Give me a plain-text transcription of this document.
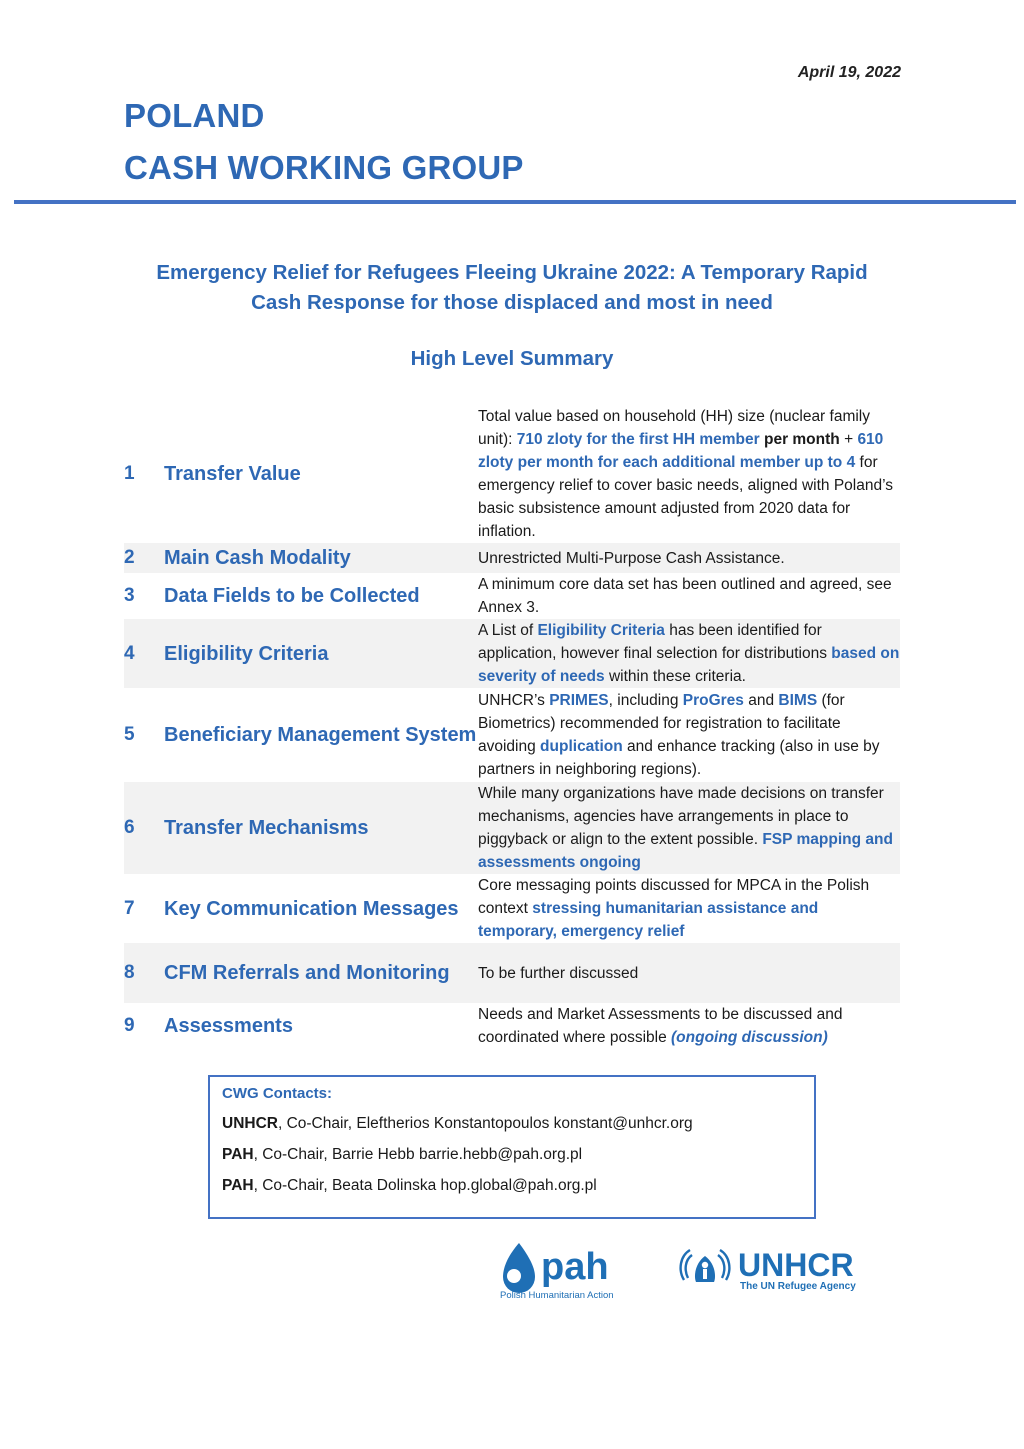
April 19, 2022
POLAND
CASH WORKING GROUP
Emergency Relief for Refugees Fleeing Ukraine 2022: A Temporary Rapid
Cash Response for those displaced and most in need
High Level Summary
1	Transfer Value	Total value based on household (HH) size (nuclear family unit): 710 zloty for the first HH member per month + 610 zloty per month for each additional member up to 4 for emergency relief to cover basic needs, aligned with Poland’s basic subsistence amount adjusted from 2020 data for inflation.
2	Main Cash Modality	Unrestricted Multi-Purpose Cash Assistance.
3	Data Fields to be Collected	A minimum core data set has been outlined and agreed, see Annex 3.
4	Eligibility Criteria	A List of Eligibility Criteria has been identified for application, however final selection for distributions based on severity of needs within these criteria.
5	Beneficiary Management System	UNHCR’s PRIMES, including ProGres and BIMS (for Biometrics) recommended for registration to facilitate avoiding duplication and enhance tracking (also in use by partners in neighboring regions).
6	Transfer Mechanisms	While many organizations have made decisions on transfer mechanisms, agencies have arrangements in place to piggyback or align to the extent possible. FSP mapping and assessments ongoing
7	Key Communication Messages	Core messaging points discussed for MPCA in the Polish context stressing humanitarian assistance and temporary, emergency relief
8	CFM Referrals and Monitoring	To be further discussed
9	Assessments	Needs and Market Assessments to be discussed and coordinated where possible (ongoing discussion)
CWG Contacts:
UNHCR, Co-Chair, Eleftherios Konstantopoulos konstant@unhcr.org
PAH, Co-Chair, Barrie Hebb barrie.hebb@pah.org.pl
PAH, Co-Chair, Beata Dolinska hop.global@pah.org.pl
pah
Polish Humanitarian Action
UNHCR
The UN Refugee Agency
